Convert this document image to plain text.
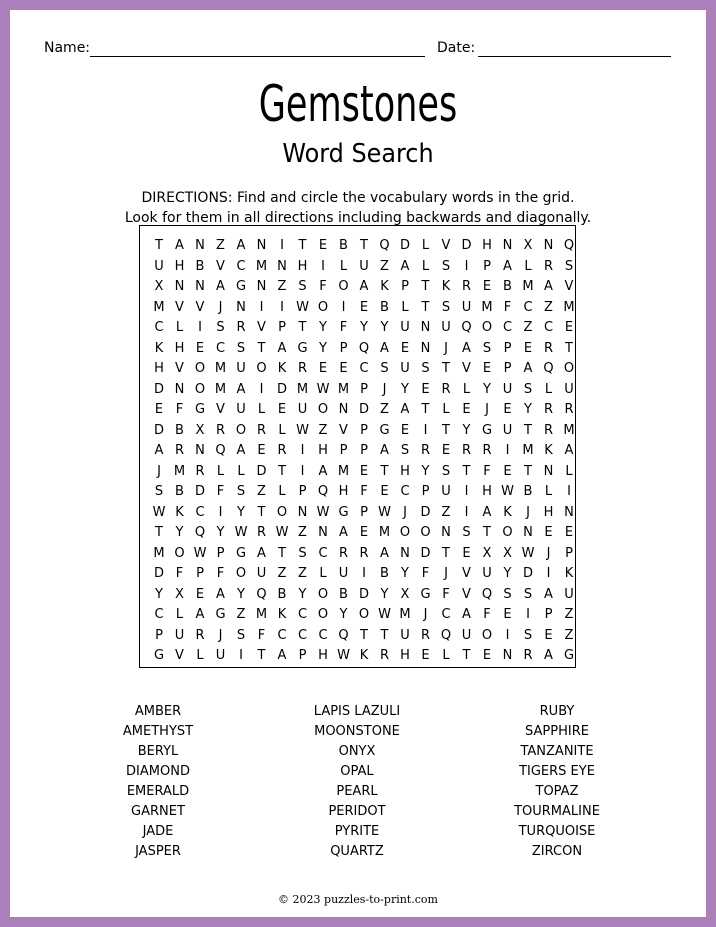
Name:	Date:
Gemstones
Word Search
DIRECTIONS: Find and circle the vocabulary words in the grid.
Look for them in all directions including backwards and diagonally.
T A N Z A N	I	T E B T Q D L V D H N X N Q
U H B V C M N H	I	L U Z A L S	I	P A L R S
X N N A G N Z S F O A K P T K R E B M A V
M V V	J	N	I	I W O	I	E B L T S U M F C Z M
C L	I	S R V P T Y F Y Y U N U Q O C Z C E
K H E C S T A G Y P Q A E N	J	A S P E R T
H V O M U O K R E E C S U S T V E P A Q O
D N O M A	I	D M W M P	J	Y E R L Y U S L U
E F G V U L E U O N D Z A T L E	J	E Y R R
D B X R O R L W Z V P G E	I	T Y G U T R M
A R N Q A E R	I	H P P A S R E R R	I M K A
J M R L	L D T	I	A M E T H Y S T F E T N L
S B D F S Z L P Q H F E C P U	I	H W B L	I
W K C	I	Y T O N W G P W J	D Z	I	A K	J	H N
T Y Q Y W R W Z N A E M O O N S T O N E E
M O W P G A T S C R R A N D T E X X W J	P
D F P F O U Z Z L U	I	B Y F	J	V U Y D	I	K
Y X E A Y Q B Y O B D Y X G F V Q S S A U
C L A G Z M K C O Y O W M J	C A F E	I	P Z
P U R	J	S F C C C Q T T U R Q U O	I	S E Z
G V L U	I	T A P H W K R H E L T E N R A G
AMBER
AMETHYST
BERYL
DIAMOND
EMERALD
GARNET
JADE
JASPER
LAPIS LAZULI
MOONSTONE
ONYX
OPAL
PEARL
PERIDOT
PYRITE
QUARTZ
RUBY
SAPPHIRE
TANZANITE
TIGERS EYE
TOPAZ
TOURMALINE
TURQUOISE
ZIRCON
© 2023 puzzles-to-print.com
